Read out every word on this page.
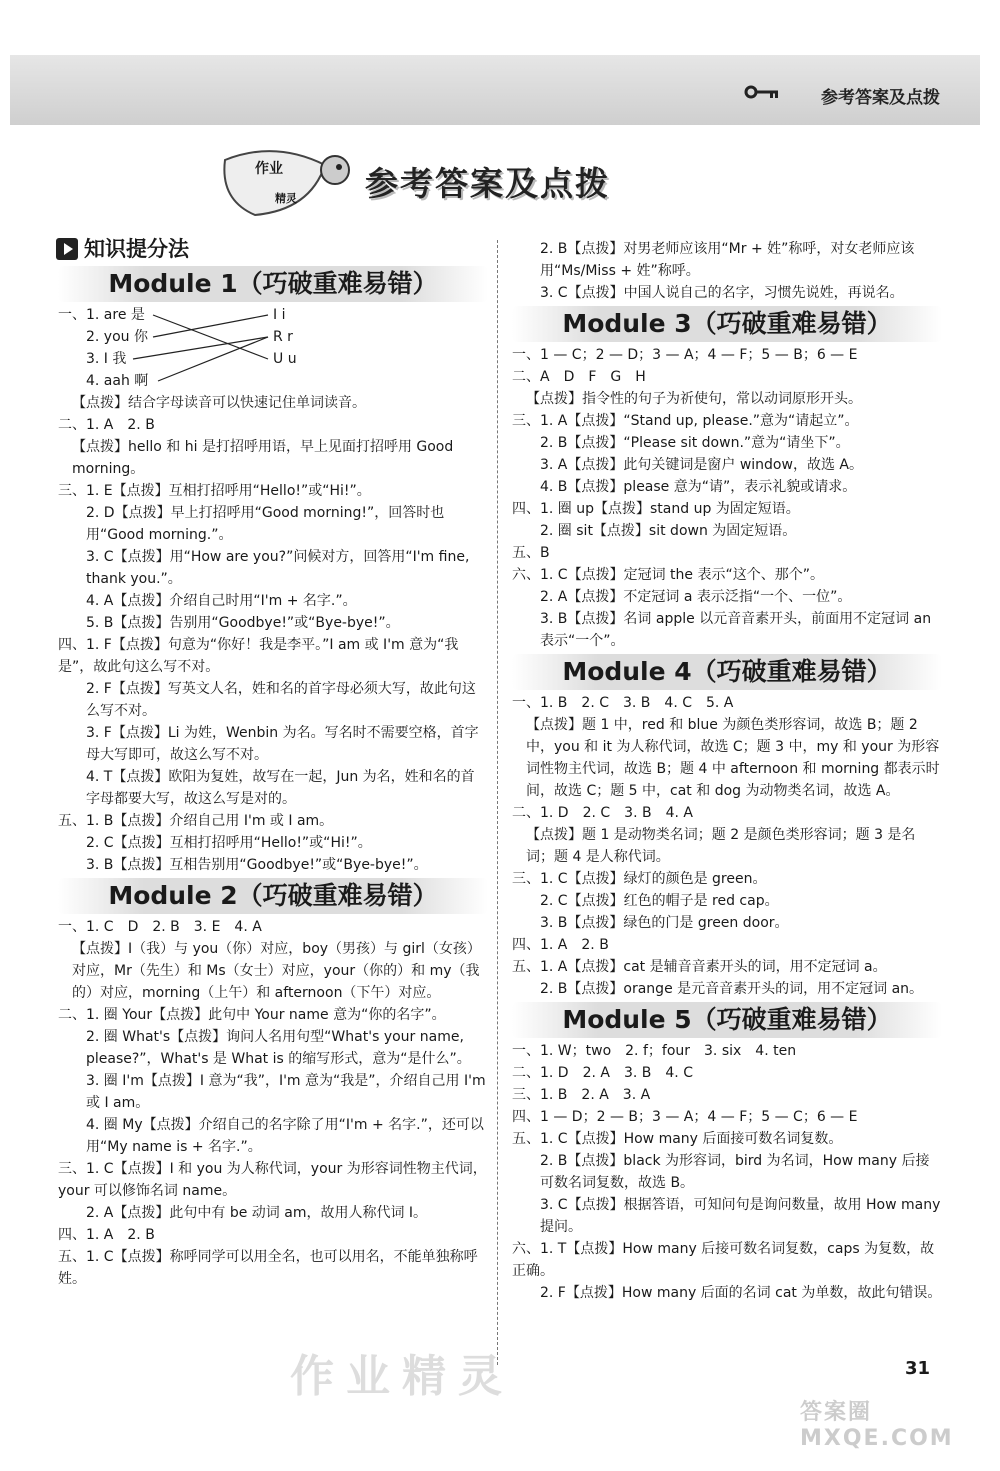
参考答案及点拨
作业
精灵 参考答案及点拨
知识提分法
Module 1（巧破重难易错）
一、1. are 是
2. you 你
3. I 我
4. aah 啊
I i
R r
U u
【点拨】结合字母读音可以快速记住单词读音。
二、1. A　2. B
【点拨】hello 和 hi 是打招呼用语，早上见面打招呼用 Good morning。
三、1. E【点拨】互相打招呼用“Hello!”或“Hi!”。
2. D【点拨】早上打招呼用“Good morning!”，回答时也用“Good morning.”。
3. C【点拨】用“How are you?”问候对方，回答用“I'm fine, thank you.”。
4. A【点拨】介绍自己时用“I'm + 名字.”。
5. B【点拨】告别用“Goodbye!”或“Bye-bye!”。
四、1. F【点拨】句意为“你好！我是李平。”I am 或 I'm 意为“我是”，故此句这么写不对。
2. F【点拨】写英文人名，姓和名的首字母必须大写，故此句这么写不对。
3. F【点拨】Li 为姓，Wenbin 为名。写名时不需要空格，首字母大写即可，故这么写不对。
4. T【点拨】欧阳为复姓，故写在一起，Jun 为名，姓和名的首字母都要大写，故这么写是对的。
五、1. B【点拨】介绍自己用 I'm 或 I am。
2. C【点拨】互相打招呼用“Hello!”或“Hi!”。
3. B【点拨】互相告别用“Goodbye!”或“Bye-bye!”。
Module 2（巧破重难易错）
一、1. C　D　2. B　3. E　4. A
【点拨】I（我）与 you（你）对应，boy（男孩）与 girl（女孩）对应，Mr（先生）和 Ms（女士）对应，your（你的）和 my（我的）对应，morning（上午）和 afternoon（下午）对应。
二、1. 圈 Your【点拨】此句中 Your name 意为“你的名字”。
2. 圈 What's【点拨】询问人名用句型“What's your name, please?”，What's 是 What is 的缩写形式，意为“是什么”。
3. 圈 I'm【点拨】I 意为“我”，I'm 意为“我是”，介绍自己用 I'm 或 I am。
4. 圈 My【点拨】介绍自己的名字除了用“I'm + 名字.”，还可以用“My name is + 名字.”。
三、1. C【点拨】I 和 you 为人称代词，your 为形容词性物主代词，your 可以修饰名词 name。
2. A【点拨】此句中有 be 动词 am，故用人称代词 I。
四、1. A　2. B
五、1. C【点拨】称呼同学可以用全名，也可以用名，不能单独称呼姓。
2. B【点拨】对男老师应该用“Mr + 姓”称呼，对女老师应该用“Ms/Miss + 姓”称呼。
3. C【点拨】中国人说自己的名字，习惯先说姓，再说名。
Module 3（巧破重难易错）
一、1 — C；2 — D；3 — A；4 — F；5 — B；6 — E
二、A　D　F　G　H
【点拨】指令性的句子为祈使句，常以动词原形开头。
三、1. A【点拨】“Stand up, please.”意为“请起立”。
2. B【点拨】“Please sit down.”意为“请坐下”。
3. A【点拨】此句关键词是窗户 window，故选 A。
4. B【点拨】please 意为“请”，表示礼貌或请求。
四、1. 圈 up【点拨】stand up 为固定短语。
2. 圈 sit【点拨】sit down 为固定短语。
五、B
六、1. C【点拨】定冠词 the 表示“这个、那个”。
2. A【点拨】不定冠词 a 表示泛指“一个、一位”。
3. B【点拨】名词 apple 以元音音素开头，前面用不定冠词 an 表示“一个”。
Module 4（巧破重难易错）
一、1. B　2. C　3. B　4. C　5. A
【点拨】题 1 中，red 和 blue 为颜色类形容词，故选 B；题 2 中，you 和 it 为人称代词，故选 C；题 3 中，my 和 your 为形容词性物主代词，故选 B；题 4 中 afternoon 和 morning 都表示时间，故选 C；题 5 中，cat 和 dog 为动物类名词，故选 A。
二、1. D　2. C　3. B　4. A
【点拨】题 1 是动物类名词；题 2 是颜色类形容词；题 3 是名词；题 4 是人称代词。
三、1. C【点拨】绿灯的颜色是 green。
2. C【点拨】红色的帽子是 red cap。
3. B【点拨】绿色的门是 green door。
四、1. A　2. B
五、1. A【点拨】cat 是辅音音素开头的词，用不定冠词 a。
2. B【点拨】orange 是元音音素开头的词，用不定冠词 an。
Module 5（巧破重难易错）
一、1. W；two　2. f；four　3. six　4. ten
二、1. D　2. A　3. B　4. C
三、1. B　2. A　3. A
四、1 — D；2 — B；3 — A；4 — F；5 — C；6 — E
五、1. C【点拨】How many 后面接可数名词复数。
2. B【点拨】black 为形容词，bird 为名词，How many 后接可数名词复数，故选 B。
3. C【点拨】根据答语，可知问句是询问数量，故用 How many 提问。
六、1. T【点拨】How many 后接可数名词复数，caps 为复数，故正确。
2. F【点拨】How many 后面的名词 cat 为单数，故此句错误。
作业精灵	31
答案圈 MXQE.COM
